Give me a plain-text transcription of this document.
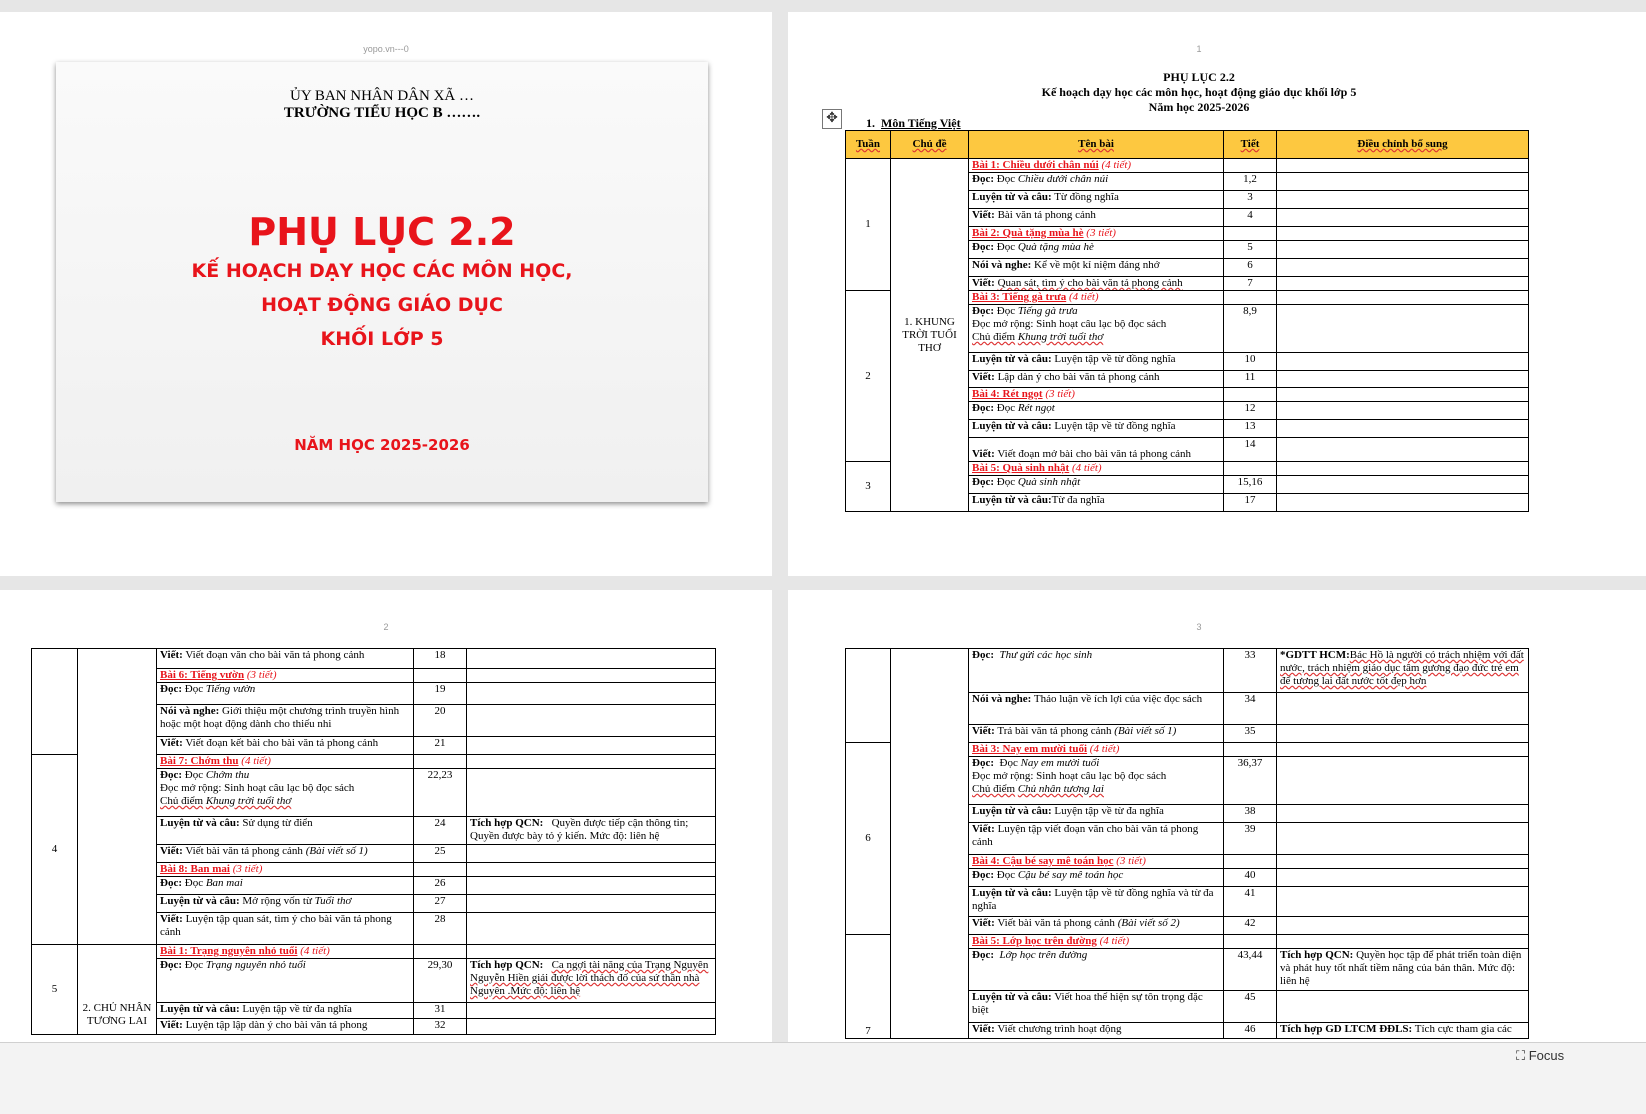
yopo.vn---0
ỦY BAN NHÂN DÂN XÃ …
TRƯỜNG TIỂU HỌC B …….
PHỤ LỤC 2.2
KẾ HOẠCH DẠY HỌC CÁC MÔN HỌC,
HOẠT ĐỘNG GIÁO DỤC
KHỐI LỚP 5
NĂM HỌC 2025-2026
1
PHỤ LỤC 2.2
Kế hoạch dạy học các môn học, hoạt động giáo dục khối lớp 5
Năm học 2025-2026
✥	1. Môn Tiếng Việt
Tuần	Chủ đề	Tên bài	Tiết	Điều chỉnh bổ sung
1	1. KHUNG TRỜI TUỔI THƠ	Bài 1: Chiều dưới chân núi (4 tiết)		
		Đọc: Đọc Chiều dưới chân núi	1,2	
		Luyện từ và câu: Từ đồng nghĩa	3	
		Viết: Bài văn tả phong cảnh	4	
		Bài 2: Quà tặng mùa hè (3 tiết)		
		Đọc: Đọc Quà tặng mùa hè	5	
		Nói và nghe: Kể về một kỉ niệm đáng nhớ	6	
		Viết: Quan sát, tìm ý cho bài văn tả phong cảnh	7	
2		Bài 3: Tiếng gà trưa (4 tiết)		
		Đọc: Đọc Tiếng gà trưa
Đọc mở rộng: Sinh hoạt câu lạc bộ đọc sách
Chủ điểm Khung trời tuổi thơ	8,9	
		Luyện từ và câu: Luyện tập về từ đồng nghĩa	10	
		Viết: Lập dàn ý cho bài văn tả phong cảnh	11	
		Bài 4: Rét ngọt (3 tiết)		
		Đọc: Đọc Rét ngọt	12	
		Luyện từ và câu: Luyện tập về từ đồng nghĩa	13	
		Viết: Viết đoạn mở bài cho bài văn tả phong cảnh	14	
3		Bài 5: Quà sinh nhật (4 tiết)		
		Đọc: Đọc Quà sinh nhật	15,16	
		Luyện từ và câu:Từ đa nghĩa	17	
2
		Viết: Viết đoạn văn cho bài văn tả phong cảnh	18	
		Bài 6: Tiếng vườn (3 tiết)		
		Đọc: Đọc Tiếng vườn	19	
		Nói và nghe: Giới thiệu một chương trình truyền hình hoặc một hoạt động dành cho thiếu nhi	20	
		Viết: Viết đoạn kết bài cho bài văn tả phong cảnh	21	
4		Bài 7: Chớm thu (4 tiết)		
		Đọc: Đọc Chớm thu
Đọc mở rộng: Sinh hoạt câu lạc bộ đọc sách
Chủ điểm Khung trời tuổi thơ	22,23	
		Luyện từ và câu: Sử dụng từ điển	24	Tích hợp QCN: Quyền được tiếp cận thông tin; Quyền được bày tỏ ý kiến. Mức độ: liên hệ
		Viết: Viết bài văn tả phong cảnh (Bài viết số 1)	25	
		Bài 8: Ban mai (3 tiết)		
		Đọc: Đọc Ban mai	26	
		Luyện từ và câu: Mở rộng vốn từ Tuổi thơ	27	
		Viết: Luyện tập quan sát, tìm ý cho bài văn tả phong cảnh	28	
5	2. CHỦ NHÂN TƯƠNG LAI	Bài 1: Trạng nguyên nhỏ tuổi (4 tiết)		
		Đọc: Đọc Trạng nguyên nhỏ tuổi	29,30	Tích hợp QCN: Ca ngợi tài năng của Trạng Nguyên Nguyễn Hiền giải được lời thách đố của sứ thần nhà Nguyên .Mức độ: liên hệ
		Luyện từ và câu: Luyện tập về từ đa nghĩa	31	
		Viết: Luyện tập lập dàn ý cho bài văn tả phong	32	
3
		Đọc: Thư gửi các học sinh	33	*GDTT HCM:Bác Hồ là người có trách nhiệm với đất nước, trách nhiệm giáo dục tâm gương đạo đức trẻ em để tương lai đất nước tốt đẹp hơn
		Nói và nghe: Thảo luận về ích lợi của việc đọc sách	34	
		Viết: Trả bài văn tả phong cảnh (Bài viết số 1)	35	
6		Bài 3: Nay em mười tuổi (4 tiết)		
		Đọc: Đọc Nay em mười tuổi
Đọc mở rộng: Sinh hoạt câu lạc bộ đọc sách
Chủ điểm Chủ nhân tương lai	36,37	
		Luyện từ và câu: Luyện tập về từ đa nghĩa	38	
		Viết: Luyện tập viết đoạn văn cho bài văn tả phong cảnh	39	
		Bài 4: Cậu bé say mê toán học (3 tiết)		
		Đọc: Đọc Cậu bé say mê toán học	40	
		Luyện từ và câu: Luyện tập về từ đồng nghĩa và từ đa nghĩa	41	
		Viết: Viết bài văn tả phong cảnh (Bài viết số 2)	42	
7		Bài 5: Lớp học trên đường (4 tiết)		
		Đọc: Lớp học trên đường	43,44	Tích hợp QCN: Quyền học tập để phát triển toàn diện và phát huy tốt nhất tiềm năng của bản thân. Mức độ: liên hệ
		Luyện từ và câu: Viết hoa thể hiện sự tôn trọng đặc biệt	45	
		Viết: Viết chương trình hoạt động	46	Tích hợp GD LTCM ĐĐLS: Tích cực tham gia các
⛶ Focus
